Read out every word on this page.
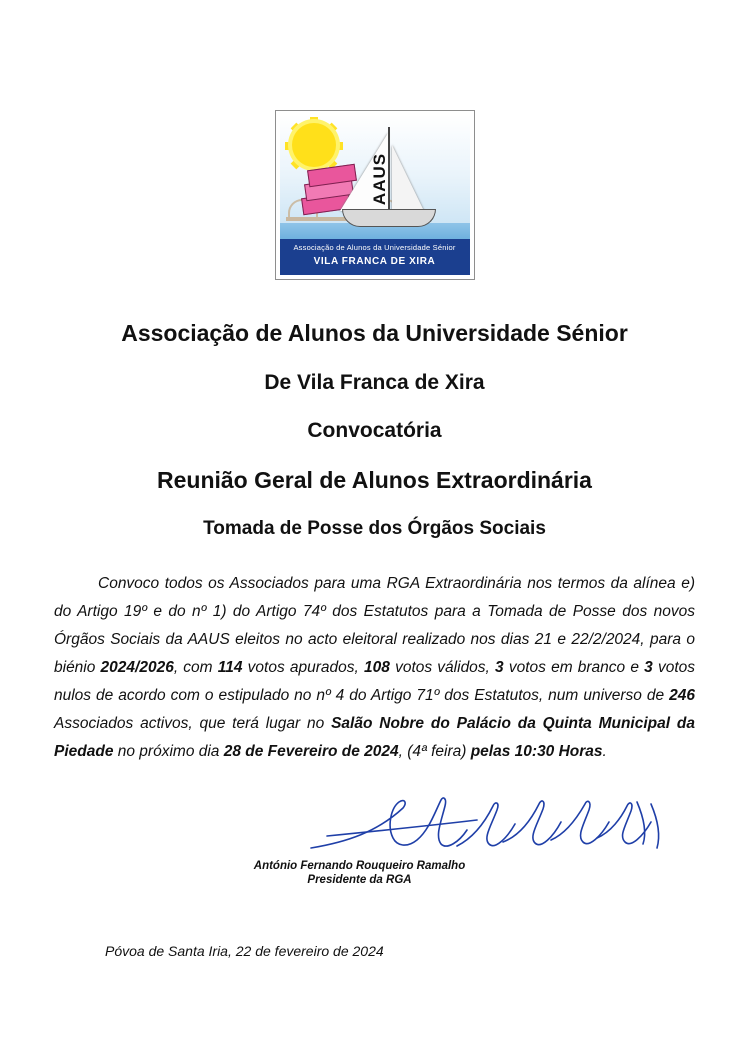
AAUS
Associação de Alunos da Universidade Sénior
VILA FRANCA DE XIRA
Associação de Alunos da Universidade Sénior
De Vila Franca de Xira
Convocatória
Reunião Geral de Alunos Extraordinária
Tomada de Posse dos Órgãos Sociais
Convoco todos os Associados para uma RGA Extraordinária nos termos da alínea e) do Artigo 19º e do nº 1) do Artigo 74º dos Estatutos para a Tomada de Posse dos novos Órgãos Sociais da AAUS eleitos no acto eleitoral realizado nos dias 21 e 22/2/2024, para o biénio 2024/2026, com 114 votos apurados, 108 votos válidos, 3 votos em branco e 3 votos nulos de acordo com o estipulado no nº 4 do Artigo 71º dos Estatutos, num universo de 246 Associados activos, que terá lugar no Salão Nobre do Palácio da Quinta Municipal da Piedade no próximo dia 28 de Fevereiro de 2024, (4ª feira) pelas 10:30 Horas.
António Fernando Rouqueiro Ramalho
Presidente da RGA
Póvoa de Santa Iria, 22 de fevereiro de 2024
